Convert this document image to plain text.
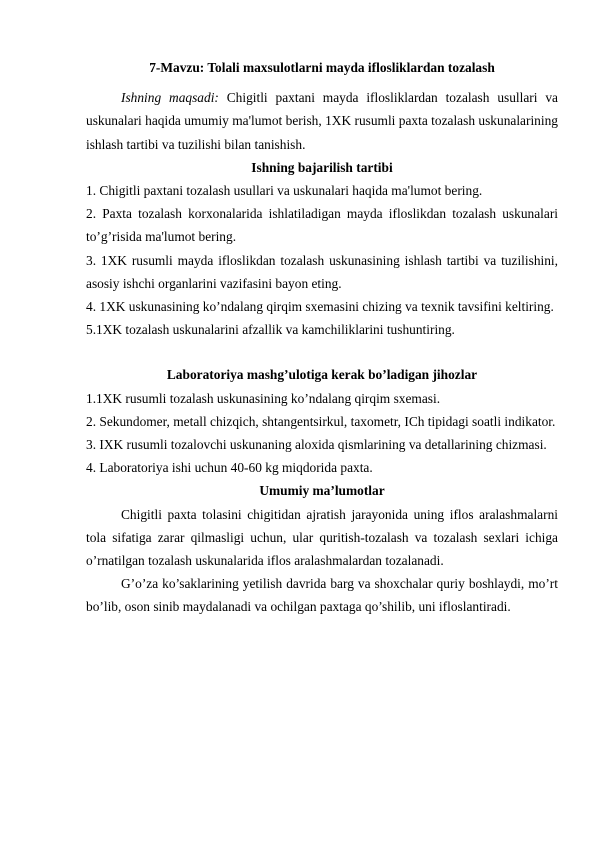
7-Mavzu: Tolali maxsulotlarni mayda ifloslіklardan tozalash

Ishning maqsadi: Chigitli paxtani mayda ifloslіklardan tozalash usullari va uskunalari haqida umumiy ma'lumot berish, 1XK rusumli paxta tozalash uskunalarining ishlash tartibi va tuzilishi bilan tanishish.

Ishning bajarilish tartibi

1. Chigitli paxtani tozalash usullari va uskunalari haqida ma'lumot bering.

2. Paxta tozalash korxonalarida ishlatiladigan mayda ifloslikdan tozalash uskunalari to’g’risida ma'lumot bering.

3. 1XK rusumli mayda ifloslikdan tozalash uskunasining ishlash tartibi va tuzilishini, asosiy ishchi organlarini vazifasini bayon eting.

4. 1XK uskunasining ko’ndalang qirqim sxemasini chizing va texnik tavsifini keltiring.

5.1XK tozalash uskunalarini afzallik va kamchiliklarini tushuntiring.

Laboratoriya mashg’ulotiga kerak bo’ladigan jihozlar

1.1XK rusumli tozalash uskunasining ko’ndalang qirqim sxemasi.

2. Sekundomer, metall chizqich, shtangentsirkul, taxometr, ICh tipidagi soatli indikator.

3. IXK rusumli tozalovchi uskunaning aloxida qismlarining va detallarining chizmasi.

4. Laboratoriya ishi uchun 40-60 kg miqdorida paxta.

Umumiy ma’lumotlar

Chigitli paxta tolasini chigitidan ajratish jarayonida uning iflos aralashmalarni tola sifatiga zarar qilmasligi uchun, ular quritish-tozalash va tozalash sexlari ichiga o’rnatilgan tozalash uskunalarida iflos aralashmalardan tozalanadi.

G’o’za ko’saklarining yetilish davrida barg va shoxchalar quriy boshlaydi, mo’rt bo’lib, oson sinib maydalanadi va ochilgan paxtaga qo’shilib, uni ifloslantiradi.
